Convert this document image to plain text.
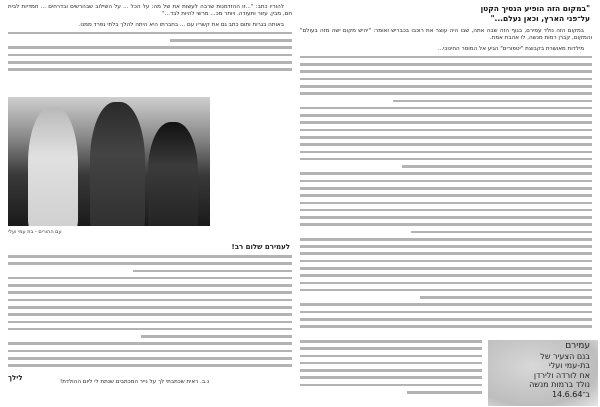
"במקום הזה הופיע הנסיך הקטן
על־פני הארץ, וכאן נעלם..."

במקום הזה נולד עמירם, בגוף הזה שבה אתה, שבו היה עוצר את רוכבו בכבריש ואומר: "יהיש מקום ישה מזה בעולם" והמקום, קברן רמות מנשה, לו אהבת אמת.

מילדות מאושרת בקבוצת "יטפורים" הגיע אל המוסר החינוכי...

להוריו כתב: "...זו ההזדמנות שרבה לעשות את של מה: על הכל ... על השילוב שבהרשים ובדרחים ... חמדיות לבית חם, מבין, עזור ותעודה. ויותר מכ... מרשי להיות לבד..."

באותה בגרות ותום כתב גם את קשריו עם ... בחברתו היא היתה להלך בלתי נפרד ממנו.

עם ההורים - בת עמי ועלי
לעמירם שלום רב!
לילך	נ.ב. ראית שכתבתי לך על נייר המכתבים שנתת לי ליום ההולדת!
עמירם
בנם הצעיר של
בת-עמי ועלי
אח לורדה ולירדן
נולד ברמות מנשה
ב־14.6.64
